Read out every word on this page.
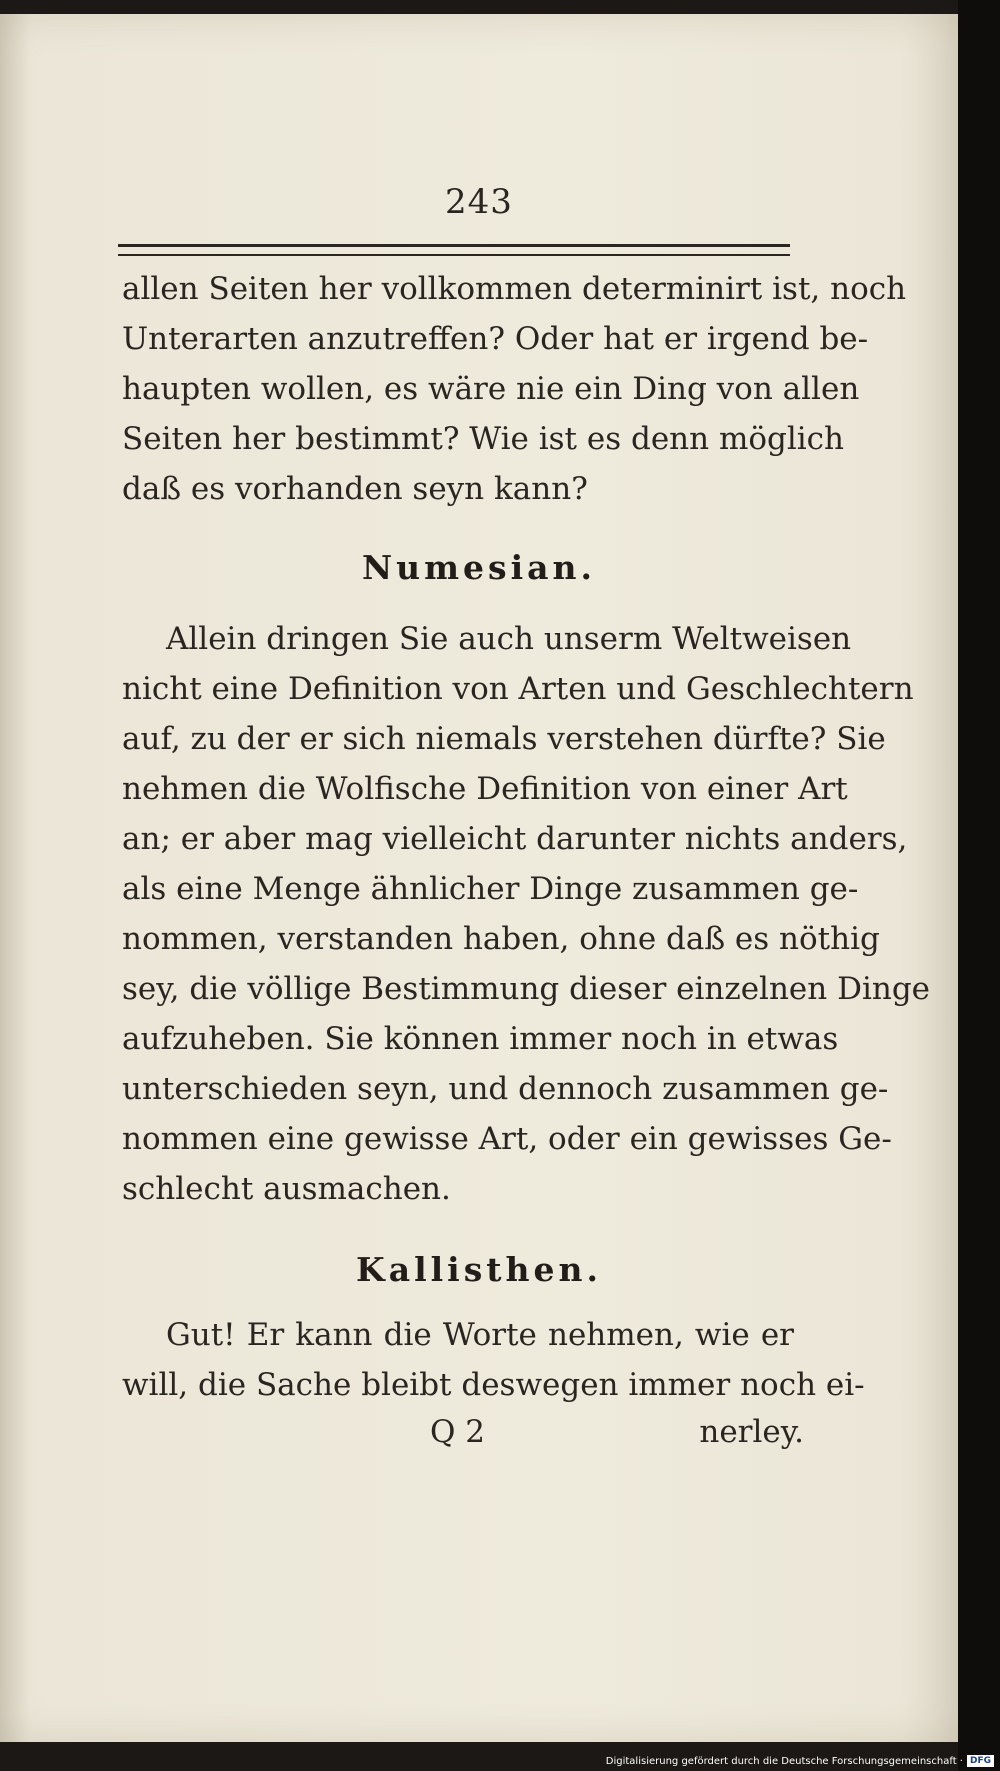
243
allen Seiten her vollkommen determinirt ist, noch
Unterarten anzutreffen? Oder hat er irgend be-
haupten wollen, es wäre nie ein Ding von allen
Seiten her bestimmt? Wie ist es denn möglich
daß es vorhanden seyn kann?
Numesian.
Allein dringen Sie auch unserm Weltweisen
nicht eine Definition von Arten und Geschlechtern
auf, zu der er sich niemals verstehen dürfte? Sie
nehmen die Wolfische Definition von einer Art
an; er aber mag vielleicht darunter nichts anders,
als eine Menge ähnlicher Dinge zusammen ge-
nommen, verstanden haben, ohne daß es nöthig
sey, die völlige Bestimmung dieser einzelnen Dinge
aufzuheben. Sie können immer noch in etwas
unterschieden seyn, und dennoch zusammen ge-
nommen eine gewisse Art, oder ein gewisses Ge-
schlecht ausmachen.
Kallisthen.
Gut! Er kann die Worte nehmen, wie er
will, die Sache bleibt deswegen immer noch ei-
Q 2	nerley.
Digitalisierung gefördert durch die Deutsche Forschungsgemeinschaft · DFG
